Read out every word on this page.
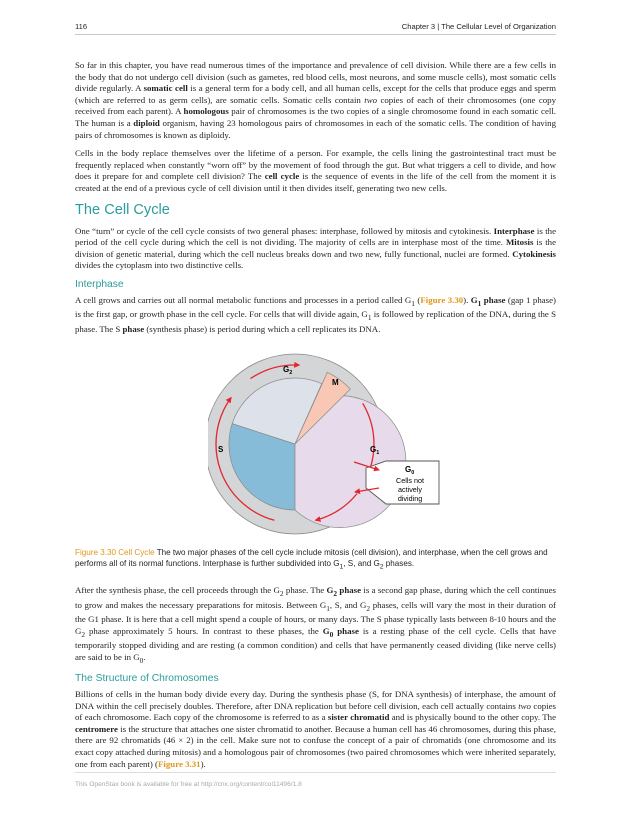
116	Chapter 3 | The Cellular Level of Organization

So far in this chapter, you have read numerous times of the importance and prevalence of cell division. While there are a few cells in the body that do not undergo cell division (such as gametes, red blood cells, most neurons, and some muscle cells), most somatic cells divide regularly. A somatic cell is a general term for a body cell, and all human cells, except for the cells that produce eggs and sperm (which are referred to as germ cells), are somatic cells. Somatic cells contain two copies of each of their chromosomes (one copy received from each parent). A homologous pair of chromosomes is the two copies of a single chromosome found in each somatic cell. The human is a diploid organism, having 23 homologous pairs of chromosomes in each of the somatic cells. The condition of having pairs of chromosomes is known as diploidy.

Cells in the body replace themselves over the lifetime of a person. For example, the cells lining the gastrointestinal tract must be frequently replaced when constantly “worn off” by the movement of food through the gut. But what triggers a cell to divide, and how does it prepare for and complete cell division? The cell cycle is the sequence of events in the life of the cell from the moment it is created at the end of a previous cycle of cell division until it then divides itself, generating two new cells.

The Cell Cycle

One “turn” or cycle of the cell cycle consists of two general phases: interphase, followed by mitosis and cytokinesis. Interphase is the period of the cell cycle during which the cell is not dividing. The majority of cells are in interphase most of the time. Mitosis is the division of genetic material, during which the cell nucleus breaks down and two new, fully functional, nuclei are formed. Cytokinesis divides the cytoplasm into two distinctive cells.

Interphase

A cell grows and carries out all normal metabolic functions and processes in a period called $G_1$ (Figure 3.30). $G_1$ phase (gap 1 phase) is the first gap, or growth phase in the cell cycle. For cells that will divide again, $G_1$ is followed by replication of the DNA, during the S phase. The S phase (synthesis phase) is period during which a cell replicates its DNA.

$G_2$
M
S	$G_1$
$G_0$
Cells not
actively
dividing

Figure 3.30 Cell Cycle The two major phases of the cell cycle include mitosis (cell division), and interphase, when the cell grows and performs all of its normal functions. Interphase is further subdivided into $G_1$, S, and $G_2$ phases.

After the synthesis phase, the cell proceeds through the $G_2$ phase. The $G_2$ phase is a second gap phase, during which the cell continues to grow and makes the necessary preparations for mitosis. Between $G_1$, S, and $G_2$ phases, cells will vary the most in their duration of the G1 phase. It is here that a cell might spend a couple of hours, or many days. The S phase typically lasts between 8-10 hours and the $G_2$ phase approximately 5 hours. In contrast to these phases, the $G_0$ phase is a resting phase of the cell cycle. Cells that have temporarily stopped dividing and are resting (a common condition) and cells that have permanently ceased dividing (like nerve cells) are said to be in $G_0$.

The Structure of Chromosomes

Billions of cells in the human body divide every day. During the synthesis phase (S, for DNA synthesis) of interphase, the amount of DNA within the cell precisely doubles. Therefore, after DNA replication but before cell division, each cell actually contains two copies of each chromosome. Each copy of the chromosome is referred to as a sister chromatid and is physically bound to the other copy. The centromere is the structure that attaches one sister chromatid to another. Because a human cell has 46 chromosomes, during this phase, there are 92 chromatids (46 × 2) in the cell. Make sure not to confuse the concept of a pair of chromatids (one chromosome and its exact copy attached during mitosis) and a homologous pair of chromosomes (two paired chromosomes which were inherited separately, one from each parent) (Figure 3.31).

This OpenStax book is available for free at http://cnx.org/content/col11496/1.8
